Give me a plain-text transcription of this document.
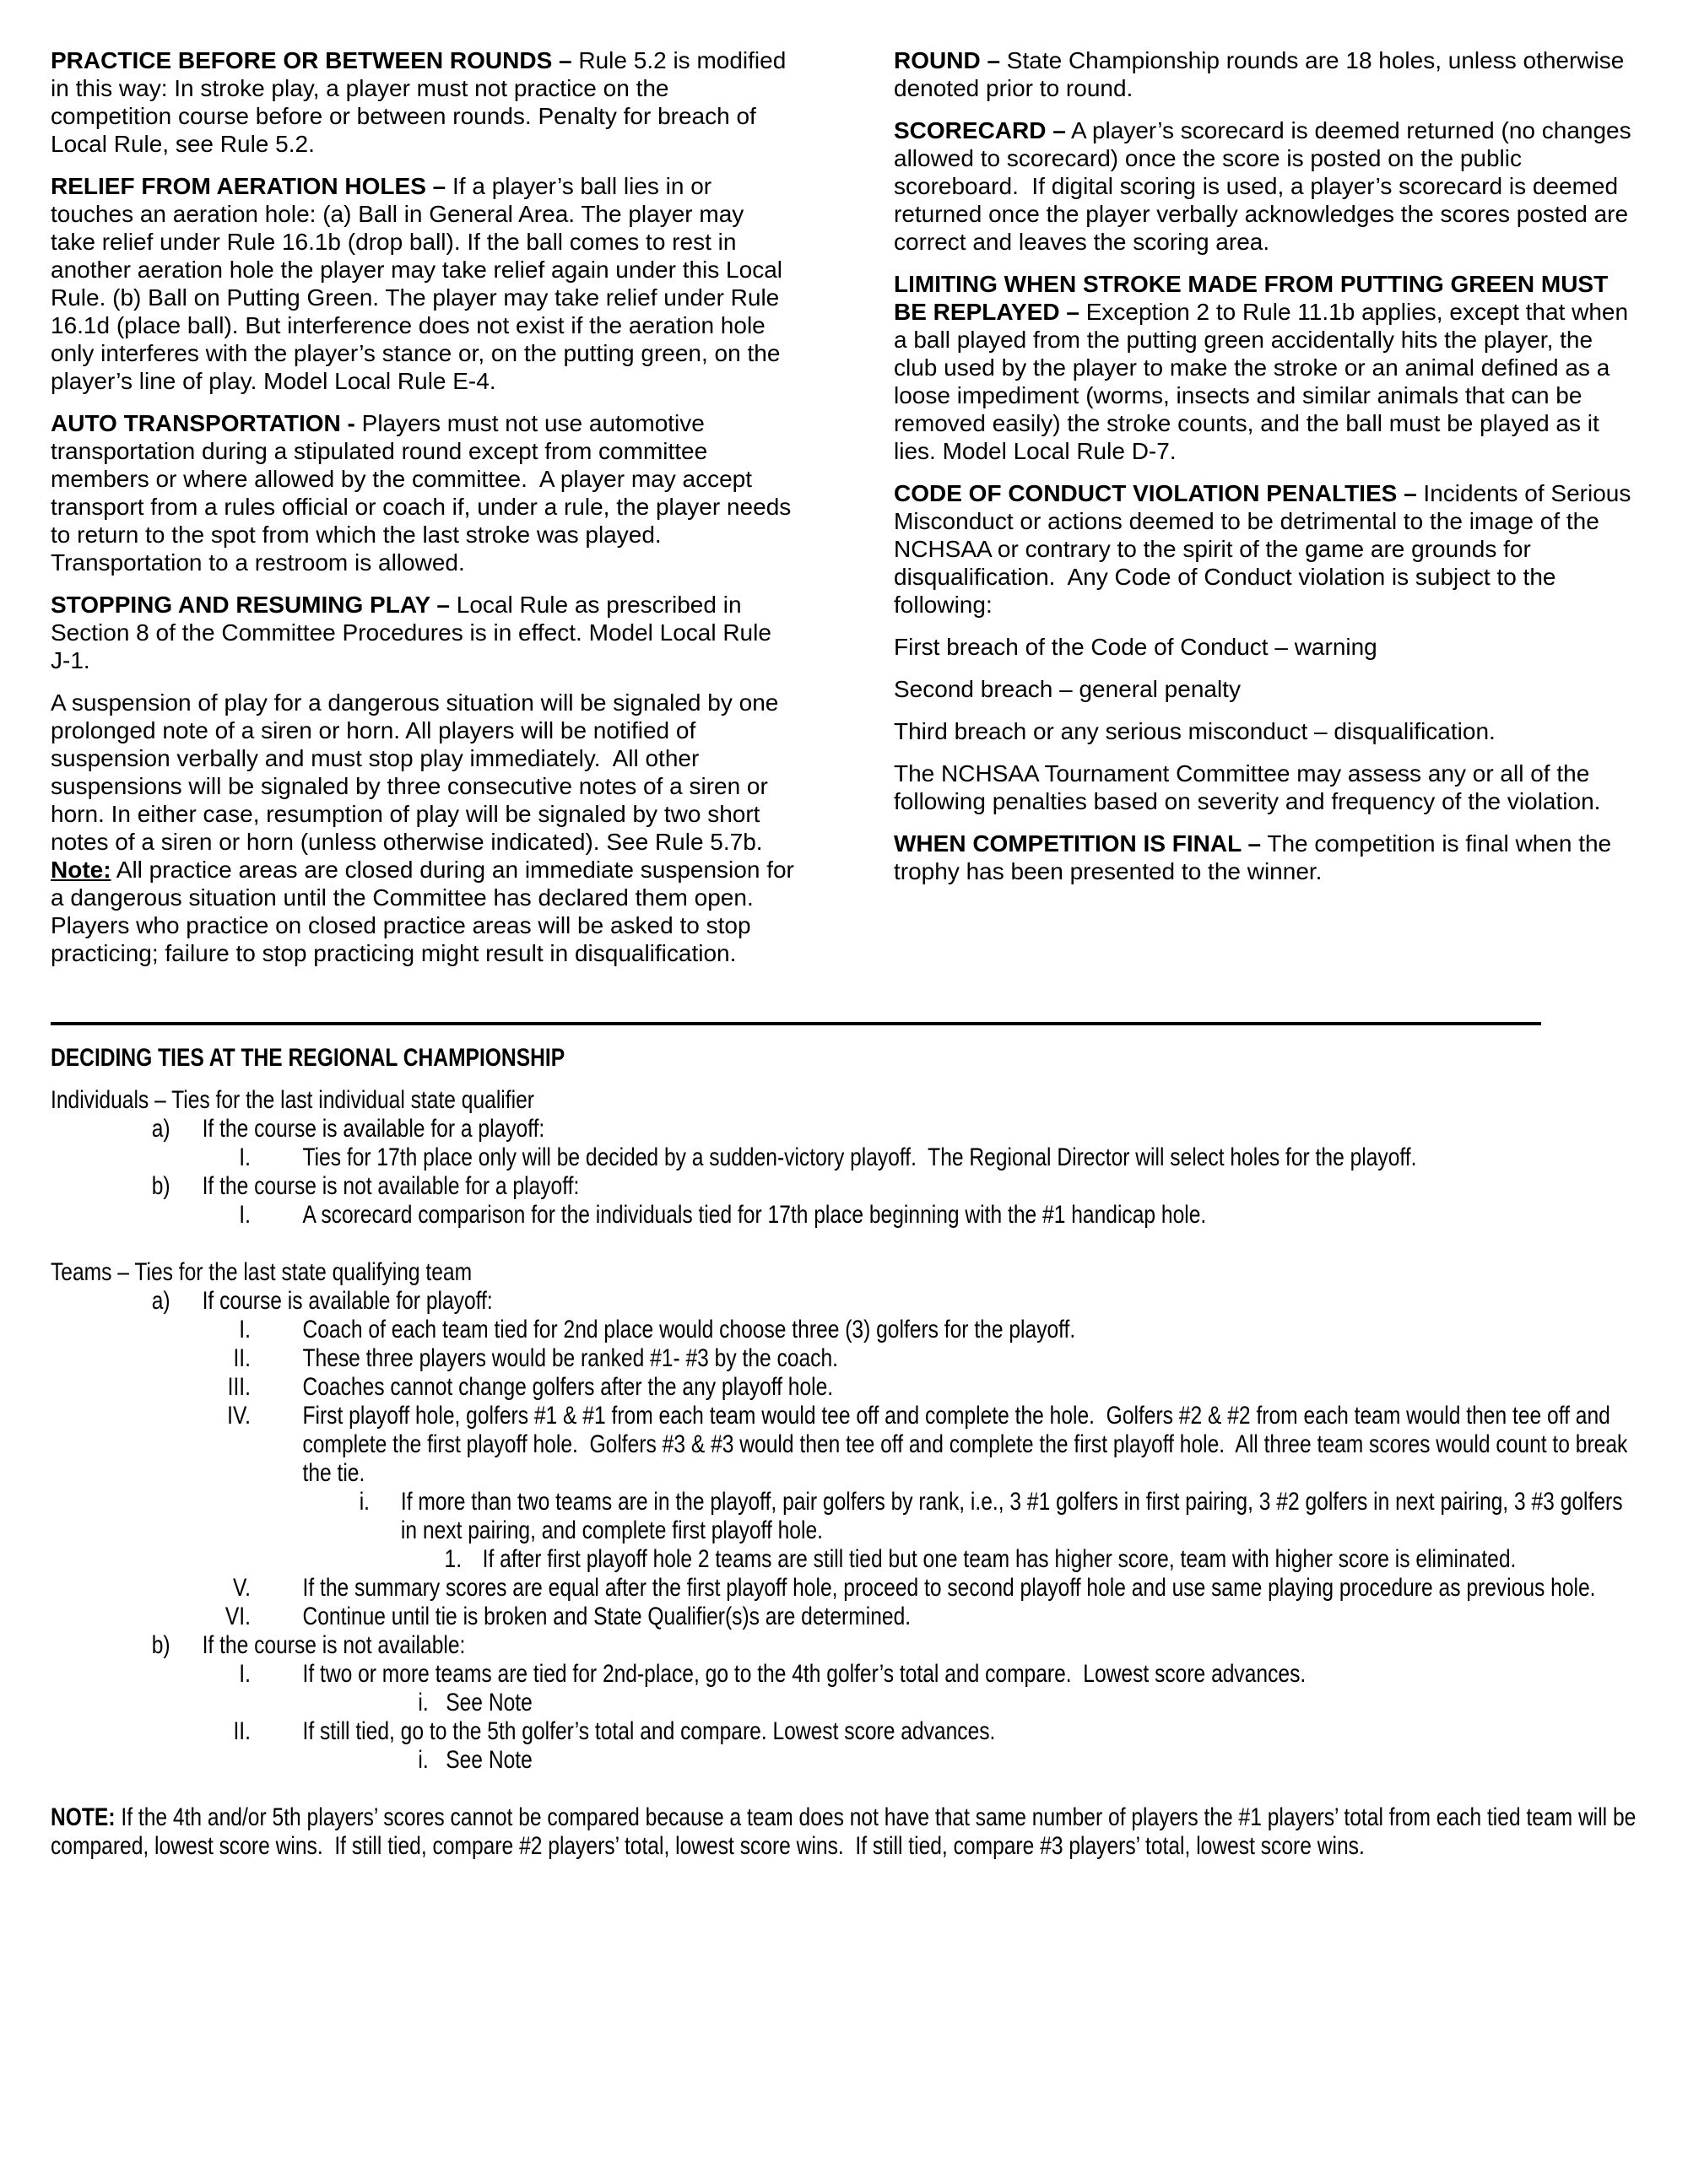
PRACTICE BEFORE OR BETWEEN ROUNDS – Rule 5.2 is modified in this way: In stroke play, a player must not practice on the competition course before or between rounds. Penalty for breach of Local Rule, see Rule 5.2.

RELIEF FROM AERATION HOLES – If a player’s ball lies in or touches an aeration hole: (a) Ball in General Area. The player may take relief under Rule 16.1b (drop ball). If the ball comes to rest in another aeration hole the player may take relief again under this Local Rule. (b) Ball on Putting Green. The player may take relief under Rule 16.1d (place ball). But interference does not exist if the aeration hole only interferes with the player’s stance or, on the putting green, on the player’s line of play. Model Local Rule E-4.

AUTO TRANSPORTATION - Players must not use automotive transportation during a stipulated round except from committee members or where allowed by the committee.  A player may accept transport from a rules official or coach if, under a rule, the player needs to return to the spot from which the last stroke was played. Transportation to a restroom is allowed.

STOPPING AND RESUMING PLAY – Local Rule as prescribed in Section 8 of the Committee Procedures is in effect. Model Local Rule J-1.

A suspension of play for a dangerous situation will be signaled by one prolonged note of a siren or horn. All players will be notified of suspension verbally and must stop play immediately.  All other suspensions will be signaled by three consecutive notes of a siren or horn. In either case, resumption of play will be signaled by two short notes of a siren or horn (unless otherwise indicated). See Rule 5.7b. Note: All practice areas are closed during an immediate suspension for a dangerous situation until the Committee has declared them open. Players who practice on closed practice areas will be asked to stop practicing; failure to stop practicing might result in disqualification.

ROUND – State Championship rounds are 18 holes, unless otherwise denoted prior to round.

SCORECARD – A player’s scorecard is deemed returned (no changes allowed to scorecard) once the score is posted on the public scoreboard.  If digital scoring is used, a player’s scorecard is deemed returned once the player verbally acknowledges the scores posted are correct and leaves the scoring area.

LIMITING WHEN STROKE MADE FROM PUTTING GREEN MUST BE REPLAYED – Exception 2 to Rule 11.1b applies, except that when a ball played from the putting green accidentally hits the player, the club used by the player to make the stroke or an animal defined as a loose impediment (worms, insects and similar animals that can be removed easily) the stroke counts, and the ball must be played as it lies. Model Local Rule D-7.

CODE OF CONDUCT VIOLATION PENALTIES – Incidents of Serious Misconduct or actions deemed to be detrimental to the image of the NCHSAA or contrary to the spirit of the game are grounds for disqualification.  Any Code of Conduct violation is subject to the following:

First breach of the Code of Conduct – warning

Second breach – general penalty

Third breach or any serious misconduct – disqualification.

The NCHSAA Tournament Committee may assess any or all of the following penalties based on severity and frequency of the violation.

WHEN COMPETITION IS FINAL – The competition is final when the trophy has been presented to the winner.

DECIDING TIES AT THE REGIONAL CHAMPIONSHIP
Individuals – Ties for the last individual state qualifier
a)	If the course is available for a playoff:
I.	Ties for 17th place only will be decided by a sudden-victory playoff.  The Regional Director will select holes for the playoff.
b)	If the course is not available for a playoff:
I.	A scorecard comparison for the individuals tied for 17th place beginning with the #1 handicap hole.
Teams – Ties for the last state qualifying team
a)	If course is available for playoff:
I.	Coach of each team tied for 2nd place would choose three (3) golfers for the playoff.
II.	These three players would be ranked #1- #3 by the coach.
III.	Coaches cannot change golfers after the any playoff hole.
IV.	First playoff hole, golfers #1 & #1 from each team would tee off and complete the hole.  Golfers #2 & #2 from each team would then tee off and complete the first playoff hole.  Golfers #3 & #3 would then tee off and complete the first playoff hole.  All three team scores would count to break the tie.
i.	If more than two teams are in the playoff, pair golfers by rank, i.e., 3 #1 golfers in first pairing, 3 #2 golfers in next pairing, 3 #3 golfers in next pairing, and complete first playoff hole.
1. If after first playoff hole 2 teams are still tied but one team has higher score, team with higher score is eliminated.
V.	If the summary scores are equal after the first playoff hole, proceed to second playoff hole and use same playing procedure as previous hole.
VI.	Continue until tie is broken and State Qualifier(s)s are determined.
b)	If the course is not available:
I.	If two or more teams are tied for 2nd-place, go to the 4th golfer’s total and compare.  Lowest score advances.
i. See Note
II.	If still tied, go to the 5th golfer’s total and compare. Lowest score advances.
i. See Note
NOTE: If the 4th and/or 5th players’ scores cannot be compared because a team does not have that same number of players the #1 players’ total from each tied team will be compared, lowest score wins.  If still tied, compare #2 players’ total, lowest score wins.  If still tied, compare #3 players’ total, lowest score wins.
